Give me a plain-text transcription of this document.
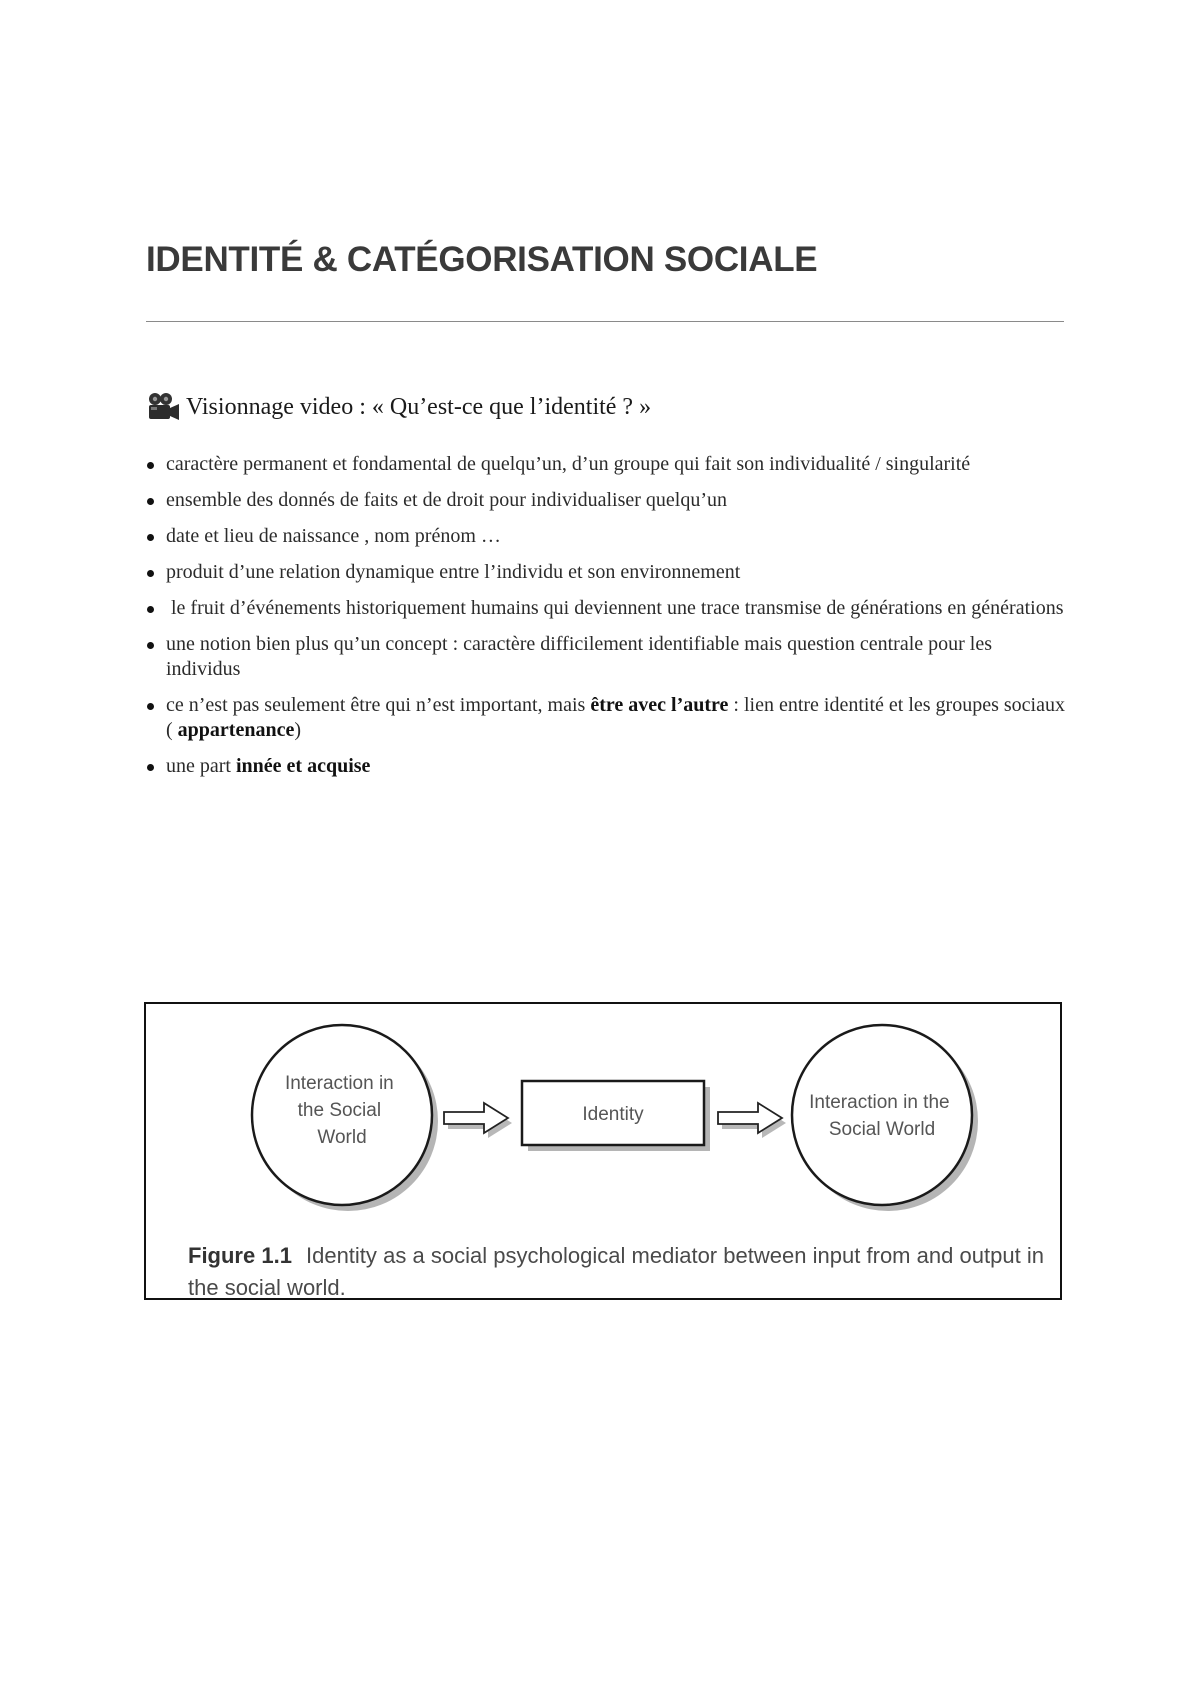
IDENTITÉ & CATÉGORISATION SOCIALE
Visionnage video : « Qu’est-ce que l’identité ? »
caractère permanent et fondamental de quelqu’un, d’un groupe qui fait son individualité / singularité
ensemble des donnés de faits et de droit pour individualiser quelqu’un
date et lieu de naissance , nom prénom …
produit d’une relation dynamique entre l’individu et son environnement
le fruit d’événements historiquement humains qui deviennent une trace transmise de générations en générations
une notion bien plus qu’un concept : caractère difficilement identifiable mais question centrale pour les individus
ce n’est pas seulement être qui n’est important, mais être avec l’autre : lien entre identité et les groupes sociaux ( appartenance)
une part innée et acquise
Interaction in the Social World
Identity
Interaction in the Social World

Figure 1.1 Identity as a social psychological mediator between input from and output in the social world.
